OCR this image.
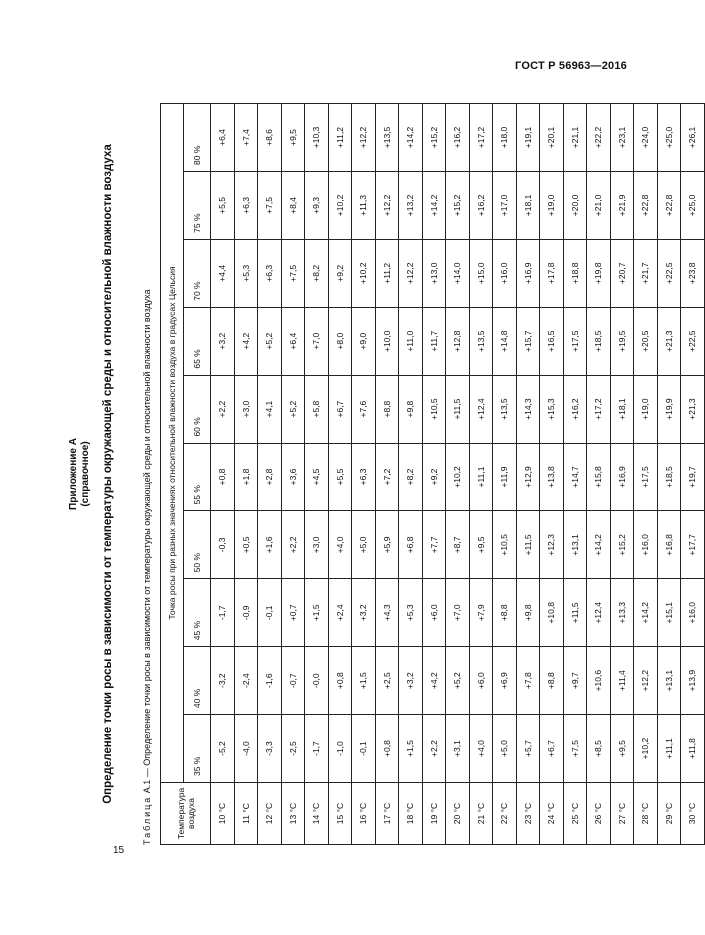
ГОСТ Р 56963—2016
Приложение А (справочное) Определение точки росы в зависимости от температуры окружающей среды и относительной влажности воздуха
Таблица А.1 — Определение точки росы в зависимости от температуры окружающей среды и относительной влажности воздуха
Температура воздуха	Точка росы при разных значениях относительной влажности воздуха в градусах Цельсия									
	35 %	40 %	45 %	50 %	55 %	60 %	65 %	70 %	75 %	80 %
10 °С	-5,2	-3,2	-1,7	-0,3	+0,8	+2,2	+3,2	+4,4	+5,5	+6,4
11 °С	-4,0	-2,4	-0,9	+0,5	+1,8	+3,0	+4,2	+5,3	+6,3	+7,4
12 °С	-3,3	-1,6	-0,1	+1,6	+2,8	+4,1	+5,2	+6,3	+7,5	+8,6
13 °С	-2,5	-0,7	+0,7	+2,2	+3,6	+5,2	+6,4	+7,5	+8,4	+9,5
14 °С	-1,7	-0,0	+1,5	+3,0	+4,5	+5,8	+7,0	+8,2	+9,3	+10,3
15 °С	-1,0	+0,8	+2,4	+4,0	+5,5	+6,7	+8,0	+9,2	+10,2	+11,2
16 °С	-0,1	+1,5	+3,2	+5,0	+6,3	+7,6	+9,0	+10,2	+11,3	+12,2
17 °С	+0,8	+2,5	+4,3	+5,9	+7,2	+8,8	+10,0	+11,2	+12,2	+13,5
18 °С	+1,5	+3,2	+5,3	+6,8	+8,2	+9,8	+11,0	+12,2	+13,2	+14,2
19 °С	+2,2	+4,2	+6,0	+7,7	+9,2	+10,5	+11,7	+13,0	+14,2	+15,2
20 °С	+3,1	+5,2	+7,0	+8,7	+10,2	+11,5	+12,8	+14,0	+15,2	+16,2
21 °С	+4,0	+6,0	+7,9	+9,5	+11,1	+12,4	+13,5	+15,0	+16,2	+17,2
22 °С	+5,0	+6,9	+8,8	+10,5	+11,9	+13,5	+14,8	+16,0	+17,0	+18,0
23 °С	+5,7	+7,8	+9,8	+11,5	+12,9	+14,3	+15,7	+16,9	+18,1	+19,1
24 °С	+6,7	+8,8	+10,8	+12,3	+13,8	+15,3	+16,5	+17,8	+19,0	+20,1
25 °С	+7,5	+9,7	+11,5	+13,1	+14,7	+16,2	+17,5	+18,8	+20,0	+21,1
26 °С	+8,5	+10,6	+12,4	+14,2	+15,8	+17,2	+18,5	+19,8	+21,0	+22,2
27 °С	+9,5	+11,4	+13,3	+15,2	+16,9	+18,1	+19,5	+20,7	+21,9	+23,1
28 °С	+10,2	+12,2	+14,2	+16,0	+17,5	+19,0	+20,5	+21,7	+22,8	+24,0
29 °С	+11,1	+13,1	+15,1	+16,8	+18,5	+19,9	+21,3	+22,5	+22,8	+25,0
30 °С	+11,8	+13,9	+16,0	+17,7	+19,7	+21,3	+22,5	+23,8	+25,0	+26,1
15
